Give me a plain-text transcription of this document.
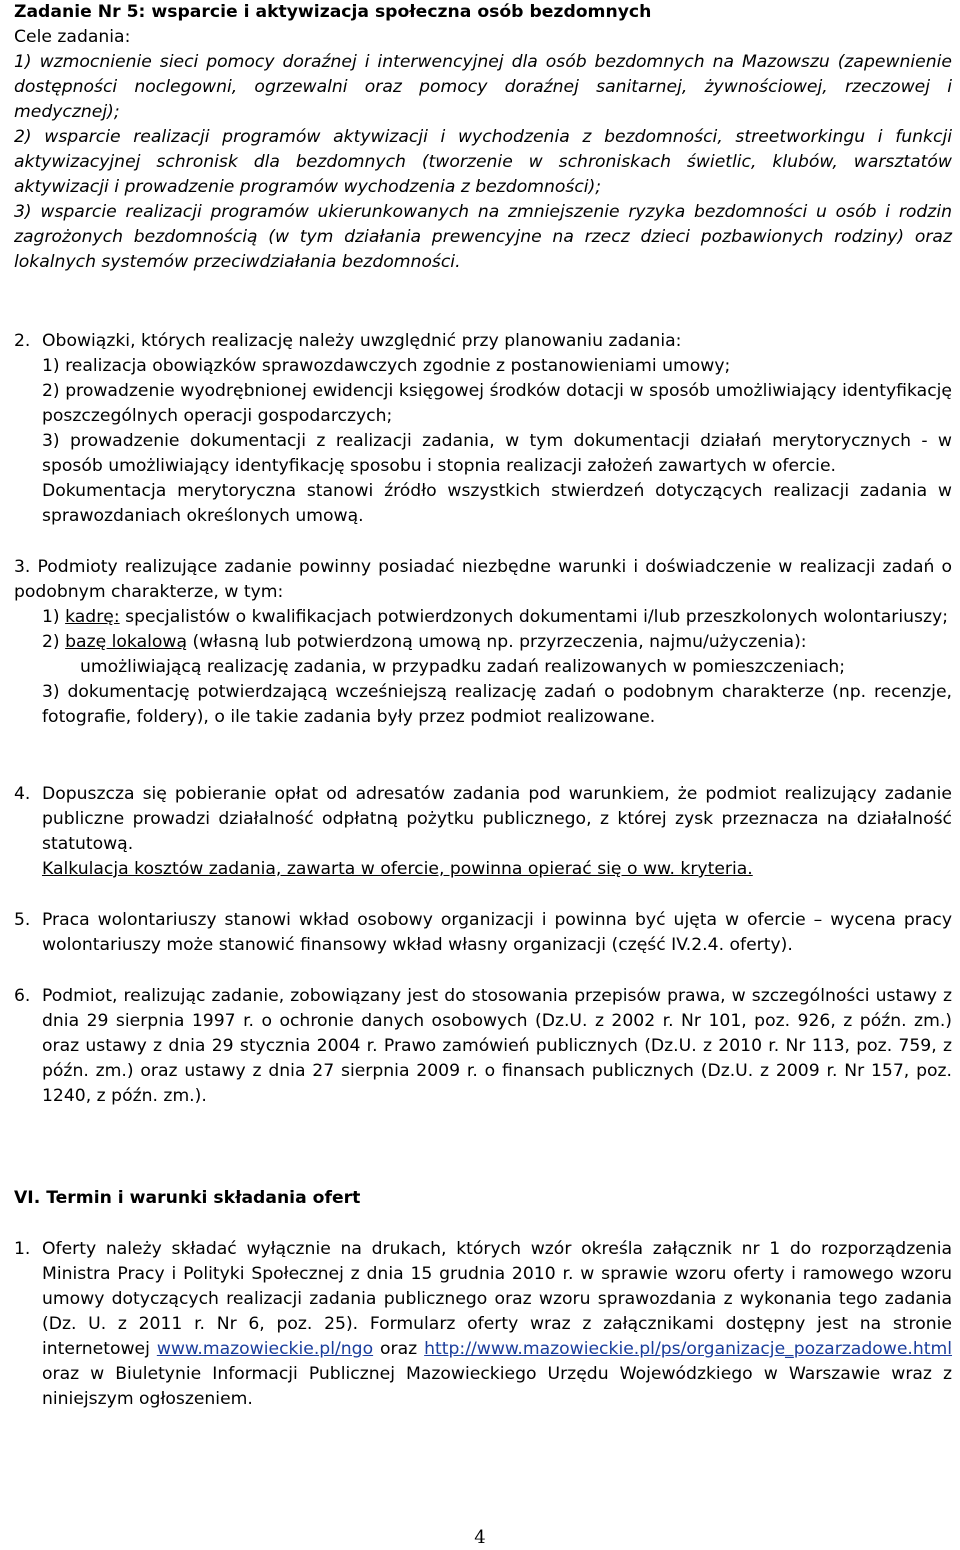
Zadanie Nr 5: wsparcie i aktywizacja społeczna osób bezdomnych

Cele zadania:

1) wzmocnienie sieci pomocy doraźnej i interwencyjnej dla osób bezdomnych na Mazowszu (zapewnienie dostępności noclegowni, ogrzewalni oraz pomocy doraźnej sanitarnej, żywnościowej, rzeczowej i medycznej);

2) wsparcie realizacji programów aktywizacji i wychodzenia z bezdomności, streetworkingu i funkcji aktywizacyjnej schronisk dla bezdomnych (tworzenie w schroniskach świetlic, klubów, warsztatów aktywizacji i prowadzenie programów wychodzenia z bezdomności);

3) wsparcie realizacji programów ukierunkowanych na zmniejszenie ryzyka bezdomności u osób i rodzin zagrożonych bezdomnością (w tym działania prewencyjne na rzecz dzieci pozbawionych rodziny) oraz lokalnych systemów przeciwdziałania bezdomności.

2. Obowiązki, których realizację należy uwzględnić przy planowaniu zadania:

1) realizacja obowiązków sprawozdawczych zgodnie z postanowieniami umowy;

2) prowadzenie wyodrębnionej ewidencji księgowej środków dotacji w sposób umożliwiający identyfikację poszczególnych operacji gospodarczych;

3) prowadzenie dokumentacji z realizacji zadania, w tym dokumentacji działań merytorycznych - w sposób umożliwiający identyfikację sposobu i stopnia realizacji założeń zawartych w ofercie.

Dokumentacja merytoryczna stanowi źródło wszystkich stwierdzeń dotyczących realizacji zadania w sprawozdaniach określonych umową.

3. Podmioty realizujące zadanie powinny posiadać niezbędne warunki i doświadczenie w realizacji zadań o podobnym charakterze, w tym:

1) kadrę: specjalistów o kwalifikacjach potwierdzonych dokumentami i/lub przeszkolonych wolontariuszy;

2) bazę lokalową (własną lub potwierdzoną umową np. przyrzeczenia, najmu/użyczenia):

umożliwiającą realizację zadania, w przypadku zadań realizowanych w pomieszczeniach;

3) dokumentację potwierdzającą wcześniejszą realizację zadań o podobnym charakterze (np. recenzje, fotografie, foldery), o ile takie zadania były przez podmiot realizowane.

4. Dopuszcza się pobieranie opłat od adresatów zadania pod warunkiem, że podmiot realizujący zadanie publiczne prowadzi działalność odpłatną pożytku publicznego, z której zysk przeznacza na działalność statutową.

Kalkulacja kosztów zadania, zawarta w ofercie, powinna opierać się o ww. kryteria.

5. Praca wolontariuszy stanowi wkład osobowy organizacji i powinna być ujęta w ofercie – wycena pracy wolontariuszy może stanowić finansowy wkład własny organizacji (część IV.2.4. oferty).

6. Podmiot, realizując zadanie, zobowiązany jest do stosowania przepisów prawa, w szczególności ustawy z dnia 29 sierpnia 1997 r. o ochronie danych osobowych (Dz.U. z 2002 r. Nr 101, poz. 926, z późn. zm.) oraz ustawy z dnia 29 stycznia 2004 r. Prawo zamówień publicznych (Dz.U. z 2010 r. Nr 113, poz. 759, z późn. zm.) oraz ustawy z dnia 27 sierpnia 2009 r. o finansach publicznych (Dz.U. z 2009 r. Nr 157, poz. 1240, z późn. zm.).

VI. Termin i warunki składania ofert

1. Oferty należy składać wyłącznie na drukach, których wzór określa załącznik nr 1 do rozporządzenia Ministra Pracy i Polityki Społecznej z dnia 15 grudnia 2010 r. w sprawie wzoru oferty i ramowego wzoru umowy dotyczących realizacji zadania publicznego oraz wzoru sprawozdania z wykonania tego zadania (Dz. U. z 2011 r. Nr 6, poz. 25). Formularz oferty wraz z załącznikami dostępny jest na stronie internetowej www.mazowieckie.pl/ngo oraz http://www.mazowieckie.pl/ps/organizacje_pozarzadowe.html oraz w Biuletynie Informacji Publicznej Mazowieckiego Urzędu Wojewódzkiego w Warszawie wraz z niniejszym ogłoszeniem.

4
